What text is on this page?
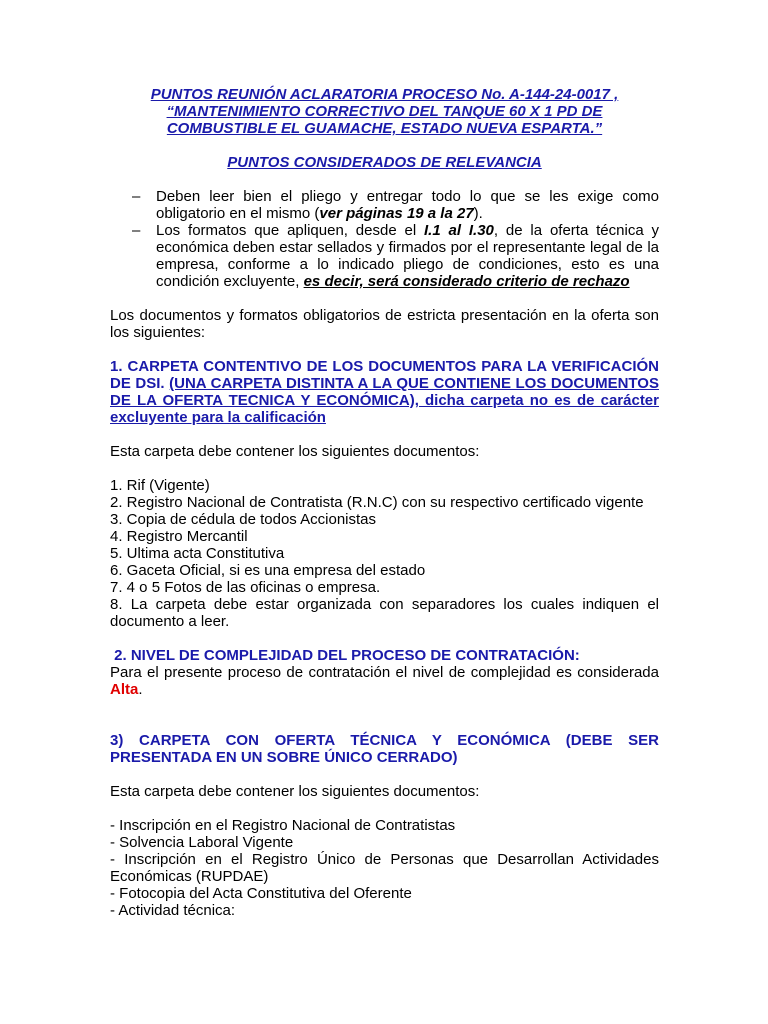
PUNTOS REUNIÓN ACLARATORIA PROCESO No. A-144-24-0017 ,
“MANTENIMIENTO CORRECTIVO DEL TANQUE 60 X 1 PD DE
COMBUSTIBLE EL GUAMACHE, ESTADO NUEVA ESPARTA.”
PUNTOS CONSIDERADOS DE RELEVANCIA
–	Deben leer bien el pliego y entregar todo lo que se les exige como obligatorio en el mismo (ver páginas 19 a la 27).
–	Los formatos que apliquen, desde el I.1 al I.30, de la oferta técnica y económica deben estar sellados y firmados por el representante legal de la empresa, conforme a lo indicado pliego de condiciones, esto es una condición excluyente, es decir, será considerado criterio de rechazo
Los documentos y formatos obligatorios de estricta presentación en la oferta son los siguientes:
1. CARPETA CONTENTIVO DE LOS DOCUMENTOS PARA LA VERIFICACIÓN DE DSI. (UNA CARPETA DISTINTA A LA QUE CONTIENE LOS DOCUMENTOS DE LA OFERTA TECNICA Y ECONÓMICA), dicha carpeta no es de carácter excluyente para la calificación
Esta carpeta debe contener los siguientes documentos:
1. Rif (Vigente)
2. Registro Nacional de Contratista (R.N.C) con su respectivo certificado vigente
3. Copia de cédula de todos Accionistas
4. Registro Mercantil
5. Ultima acta Constitutiva
6. Gaceta Oficial, si es una empresa del estado
7. 4 o 5 Fotos de las oficinas o empresa.
8. La carpeta debe estar organizada con separadores los cuales indiquen el documento a leer.
2. NIVEL DE COMPLEJIDAD DEL PROCESO DE CONTRATACIÓN:
Para el presente proceso de contratación el nivel de complejidad es considerada Alta.
3) CARPETA CON OFERTA TÉCNICA Y ECONÓMICA (DEBE SER PRESENTADA EN UN SOBRE ÚNICO CERRADO)
Esta carpeta debe contener los siguientes documentos:
- Inscripción en el Registro Nacional de Contratistas
- Solvencia Laboral Vigente
- Inscripción en el Registro Único de Personas que Desarrollan Actividades Económicas (RUPDAE)
- Fotocopia del Acta Constitutiva del Oferente
- Actividad técnica:
